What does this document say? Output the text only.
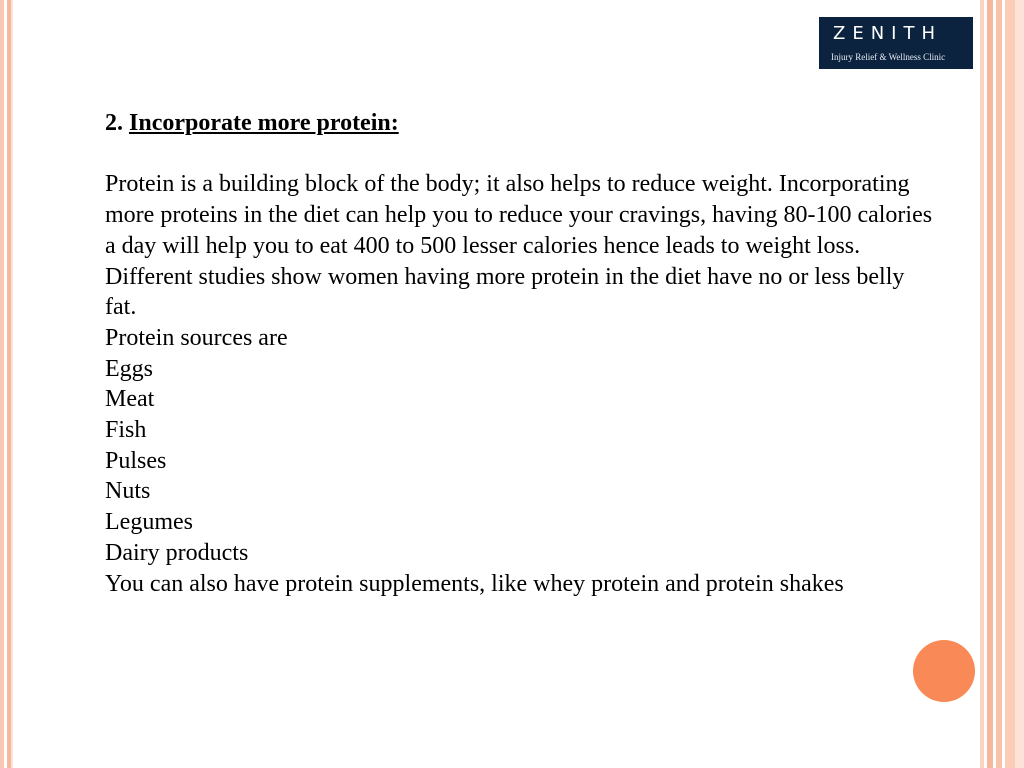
ZENITH
Injury Relief & Wellness Clinic

2. Incorporate more protein:

Protein is a building block of the body; it also helps to reduce weight. Incorporating more proteins in the diet can help you to reduce your cravings, having 80-100 calories a day will help you to eat 400 to 500 lesser calories hence leads to weight loss.

Different studies show women having more protein in the diet have no or less belly fat.

Protein sources are

Eggs

Meat

Fish

Pulses

Nuts

Legumes

Dairy products

You can also have protein supplements, like whey protein and protein shakes
